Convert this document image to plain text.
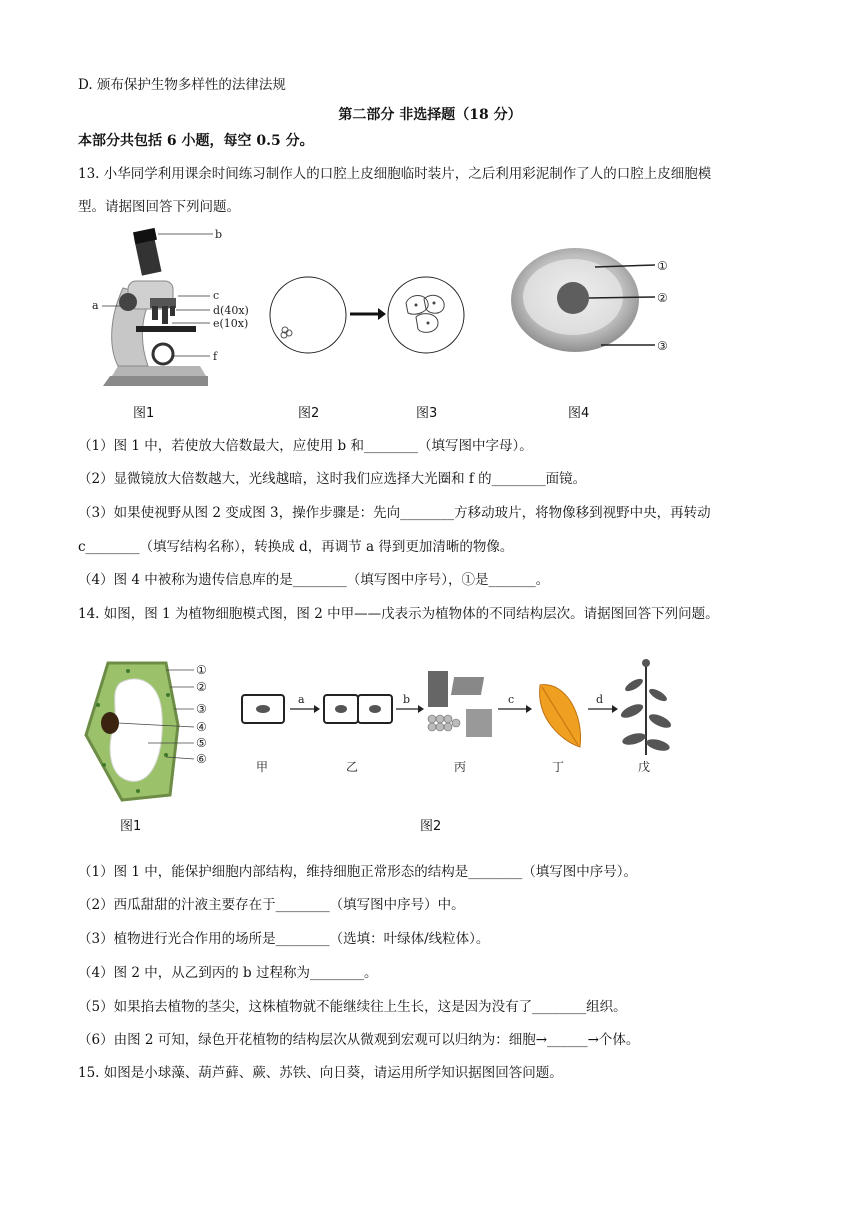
D. 颁布保护生物多样性的法律法规
第二部分 非选择题（18 分）
本部分共包括 6 小题，每空 0.5 分。
13. 小华同学利用课余时间练习制作人的口腔上皮细胞临时装片，之后利用彩泥制作了人的口腔上皮细胞模
型。请据图回答下列问题。
b
c
d(40x)
e(10x)
f
a
①
②
③
图1	图2	图3	图4
（1）图 1 中，若使放大倍数最大，应使用 b 和________（填写图中字母）。
（2）显微镜放大倍数越大，光线越暗，这时我们应选择大光圈和 f 的________面镜。
（3）如果使视野从图 2 变成图 3，操作步骤是：先向________方移动玻片，将物像移到视野中央，再转动
c________（填写结构名称），转换成 d，再调节 a 得到更加清晰的物像。
（4）图 4 中被称为遗传信息库的是________（填写图中序号），①是_______。
14. 如图，图 1 为植物细胞模式图，图 2 中甲——戊表示为植物体的不同结构层次。请据图回答下列问题。
①
②
③
④
⑤
⑥
a	b	c	d
甲	乙	丙	丁	戊
图1	图2
（1）图 1 中，能保护细胞内部结构，维持细胞正常形态的结构是________（填写图中序号）。
（2）西瓜甜甜的汁液主要存在于________（填写图中序号）中。
（3）植物进行光合作用的场所是________（选填：叶绿体/线粒体）。
（4）图 2 中，从乙到丙的 b 过程称为________。
（5）如果掐去植物的茎尖，这株植物就不能继续往上生长，这是因为没有了________组织。
（6）由图 2 可知，绿色开花植物的结构层次从微观到宏观可以归纳为：细胞→______→个体。
15. 如图是小球藻、葫芦藓、蕨、苏铁、向日葵，请运用所学知识据图回答问题。
